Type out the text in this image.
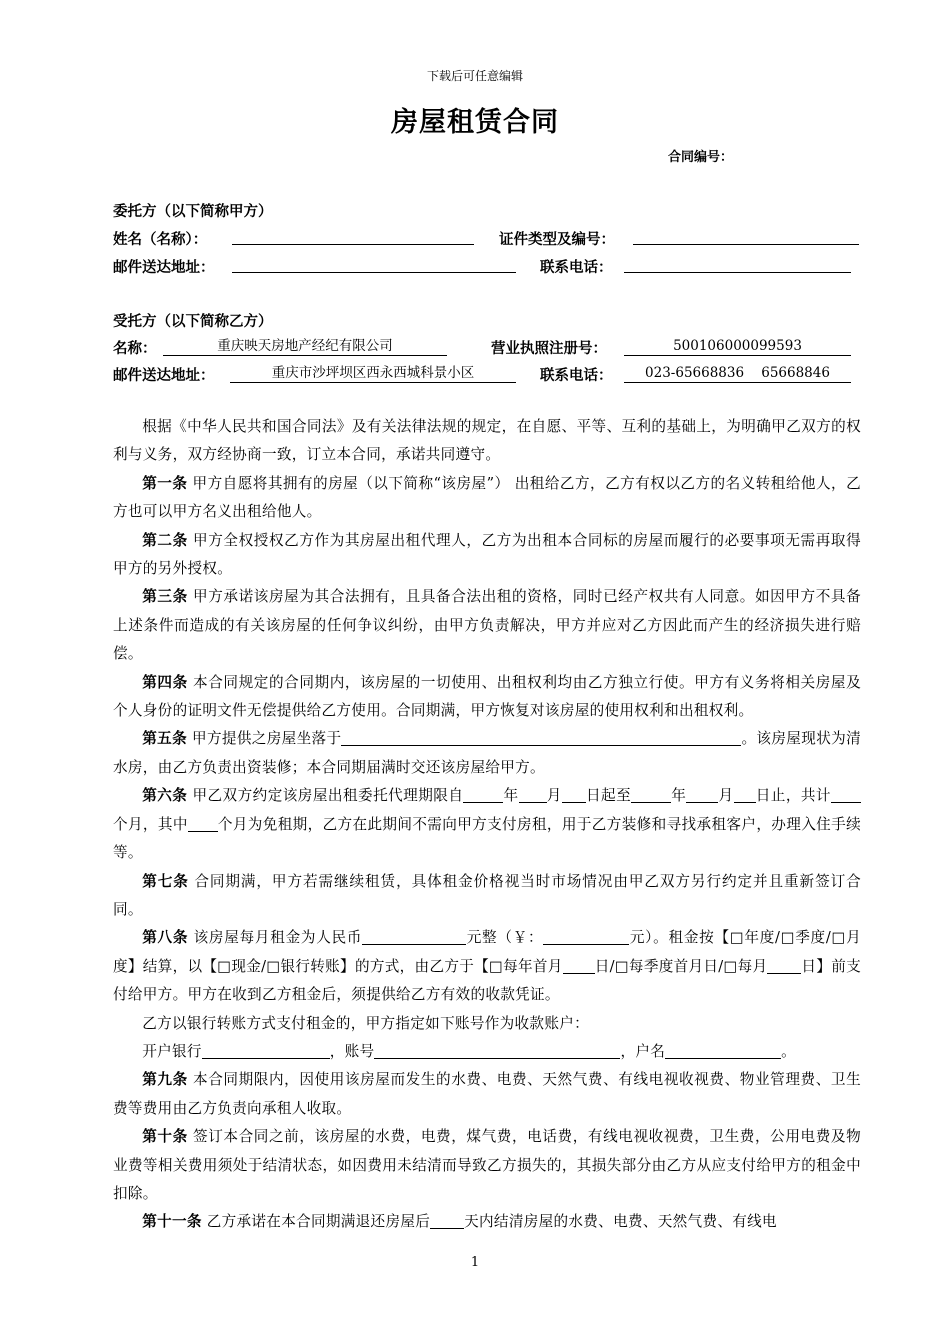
下载后可任意编辑
房屋租赁合同
合同编号：
委托方（以下简称甲方）
姓名（名称）：	证件类型及编号：
邮件送达地址：	联系电话：
受托方（以下简称乙方）
名称：	重庆映天房地产经纪有限公司	营业执照注册号：	500106000099593
邮件送达地址：	重庆市沙坪坝区西永西城科景小区	联系电话：	023-65668836    65668846

根据《中华人民共和国合同法》及有关法律法规的规定，在自愿、平等、互利的基础上，为明确甲乙双方的权利与义务，双方经协商一致，订立本合同，承诺共同遵守。

第一条 甲方自愿将其拥有的房屋（以下简称“该房屋”） 出租给乙方，乙方有权以乙方的名义转租给他人，乙方也可以甲方名义出租给他人。

第二条 甲方全权授权乙方作为其房屋出租代理人，乙方为出租本合同标的房屋而履行的必要事项无需再取得甲方的另外授权。

第三条 甲方承诺该房屋为其合法拥有，且具备合法出租的资格，同时已经产权共有人同意。如因甲方不具备上述条件而造成的有关该房屋的任何争议纠纷，由甲方负责解决，甲方并应对乙方因此而产生的经济损失进行赔偿。

第四条 本合同规定的合同期内，该房屋的一切使用、出租权利均由乙方独立行使。甲方有义务将相关房屋及个人身份的证明文件无偿提供给乙方使用。合同期满，甲方恢复对该房屋的使用权利和出租权利。

第五条 甲方提供之房屋坐落于	。该房屋现状为清水房，由乙方负责出资装修；本合同期届满时交还该房屋给甲方。

第六条 甲乙双方约定该房屋出租委托代理期限自	年 月 日起至	年 月 日止，共计个月，其中 个月为免租期，乙方在此期间不需向甲方支付房租，用于乙方装修和寻找承租客户，办理入住手续等。

第七条 合同期满，甲方若需继续租赁，具体租金价格视当时市场情况由甲乙双方另行约定并且重新签订合同。

第八条 该房屋每月租金为人民币	元整（￥：	元）。租金按【□年度/□季度/□月度】结算，以【□现金/□银行转账】的方式，由乙方于【□每年首月 日/□每季度首月日/□每月 日】前支付给甲方。甲方在收到乙方租金后，须提供给乙方有效的收款凭证。

乙方以银行转账方式支付租金的，甲方指定如下账号作为收款账户：

开户银行	，账号	，户名	。

第九条 本合同期限内，因使用该房屋而发生的水费、电费、天然气费、有线电视收视费、物业管理费、卫生费等费用由乙方负责向承租人收取。

第十条 签订本合同之前，该房屋的水费，电费，煤气费，电话费，有线电视收视费，卫生费，公用电费及物业费等相关费用须处于结清状态，如因费用未结清而导致乙方损失的，其损失部分由乙方从应支付给甲方的租金中扣除。

第十一条 乙方承诺在本合同期满退还房屋后 天内结清房屋的水费、电费、天然气费、有线电

1
